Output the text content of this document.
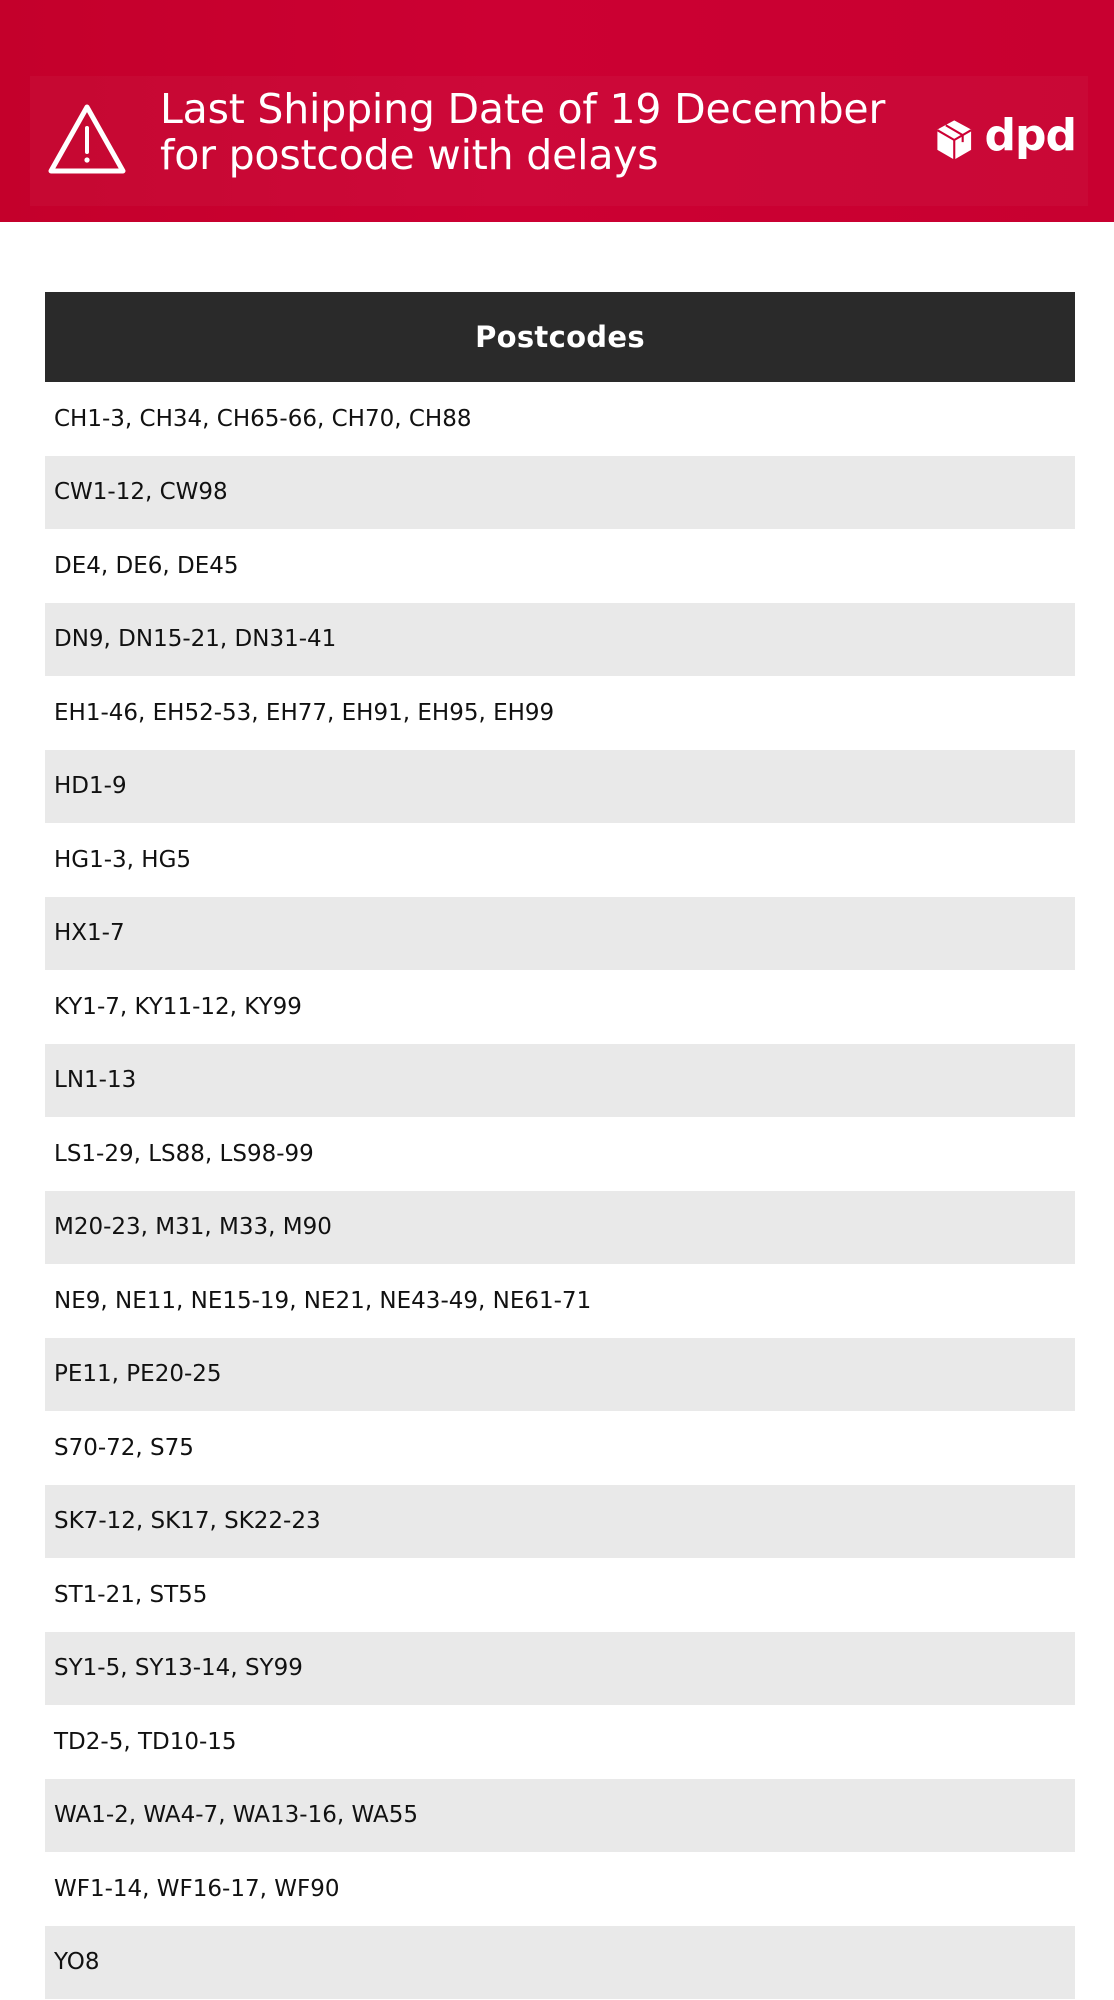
Last Shipping Date of 19 December
for postcode with delays	dpd
Postcodes
CH1-3, CH34, CH65-66, CH70, CH88
CW1-12, CW98
DE4, DE6, DE45
DN9, DN15-21, DN31-41
EH1-46, EH52-53, EH77, EH91, EH95, EH99
HD1-9
HG1-3, HG5
HX1-7
KY1-7, KY11-12, KY99
LN1-13
LS1-29, LS88, LS98-99
M20-23, M31, M33, M90
NE9, NE11, NE15-19, NE21, NE43-49, NE61-71
PE11, PE20-25
S70-72, S75
SK7-12, SK17, SK22-23
ST1-21, ST55
SY1-5, SY13-14, SY99
TD2-5, TD10-15
WA1-2, WA4-7, WA13-16, WA55
WF1-14, WF16-17, WF90
YO8
